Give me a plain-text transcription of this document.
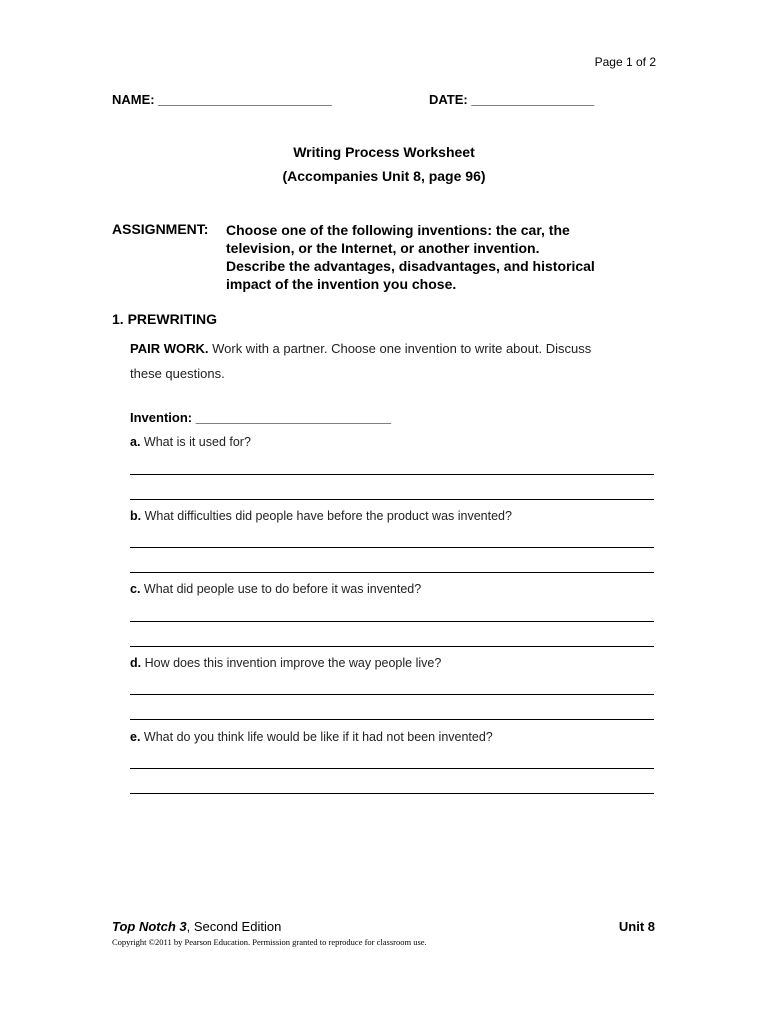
Page 1 of 2
NAME: ________________________	DATE: _________________
Writing Process Worksheet
(Accompanies Unit 8, page 96)
ASSIGNMENT: Choose one of the following inventions: the car, the
television, or the Internet, or another invention.
Describe the advantages, disadvantages, and historical
impact of the invention you chose.
1. PREWRITING
PAIR WORK. Work with a partner. Choose one invention to write about. Discuss
these questions.
Invention: ___________________________
a. What is it used for?
b. What difficulties did people have before the product was invented?
c. What did people use to do before it was invented?
d. How does this invention improve the way people live?
e. What do you think life would be like if it had not been invented?
Top Notch 3, Second Edition	Unit 8
Copyright ©2011 by Pearson Education. Permission granted to reproduce for classroom use.
